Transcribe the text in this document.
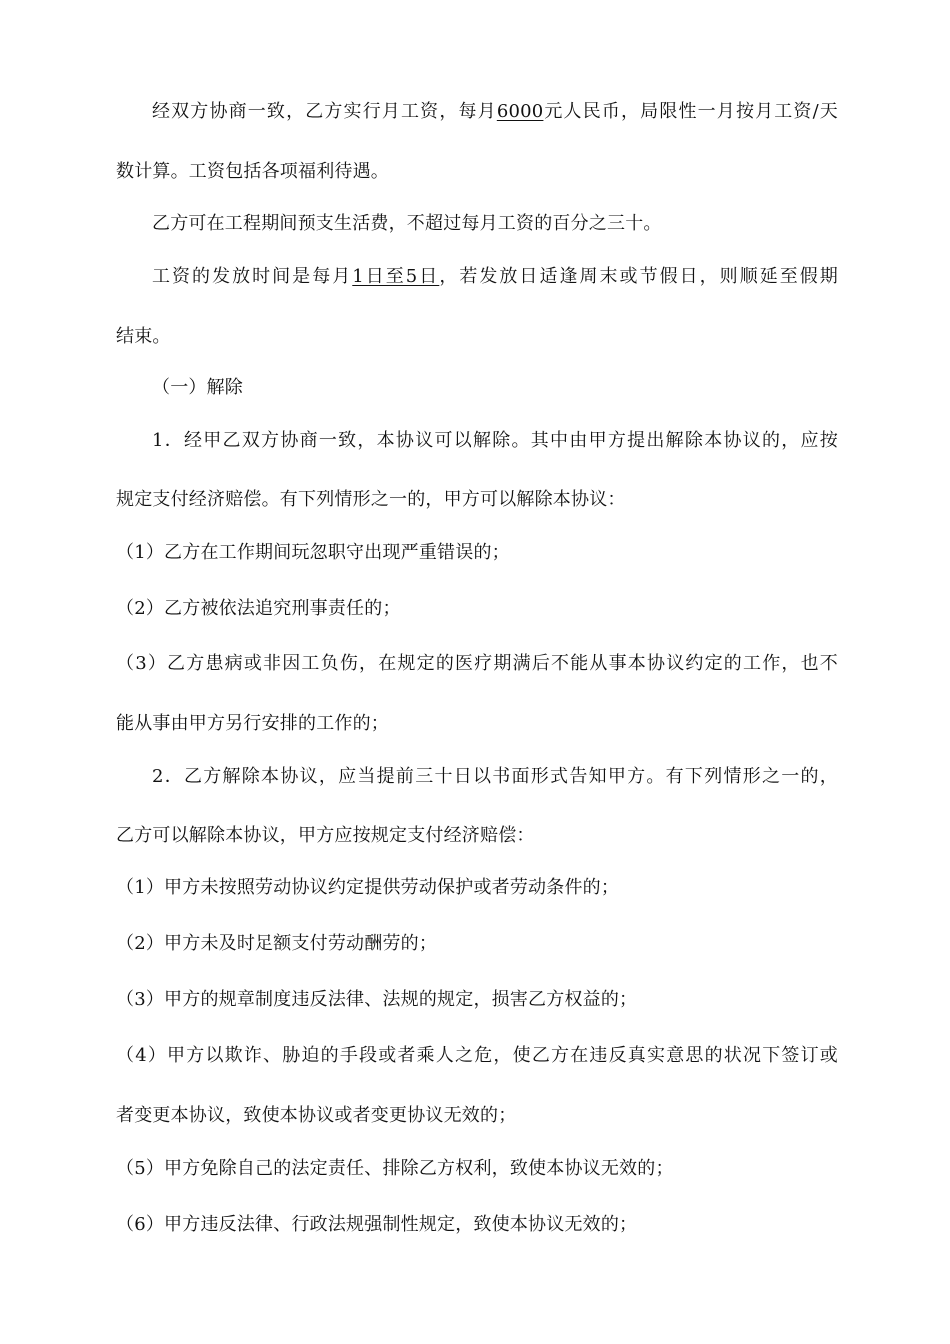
经双方协商一致，乙方实行月工资，每月6000元人民币，局限性一月按月工资/天
数计算。工资包括各项福利待遇。
乙方可在工程期间预支生活费，不超过每月工资的百分之三十。
工资的发放时间是每月1日至5日，若发放日适逢周末或节假日，则顺延至假期
结束。
（一）解除
1．经甲乙双方协商一致，本协议可以解除。其中由甲方提出解除本协议的，应按
规定支付经济赔偿。有下列情形之一的，甲方可以解除本协议：
（1）乙方在工作期间玩忽职守出现严重错误的；
（2）乙方被依法追究刑事责任的；
（3）乙方患病或非因工负伤，在规定的医疗期满后不能从事本协议约定的工作，也不
能从事由甲方另行安排的工作的；
2．乙方解除本协议，应当提前三十日以书面形式告知甲方。有下列情形之一的，
乙方可以解除本协议，甲方应按规定支付经济赔偿：
（1）甲方未按照劳动协议约定提供劳动保护或者劳动条件的；
（2）甲方未及时足额支付劳动酬劳的；
（3）甲方的规章制度违反法律、法规的规定，损害乙方权益的；
（4）甲方以欺诈、胁迫的手段或者乘人之危，使乙方在违反真实意思的状况下签订或
者变更本协议，致使本协议或者变更协议无效的；
（5）甲方免除自己的法定责任、排除乙方权利，致使本协议无效的；
（6）甲方违反法律、行政法规强制性规定，致使本协议无效的；
